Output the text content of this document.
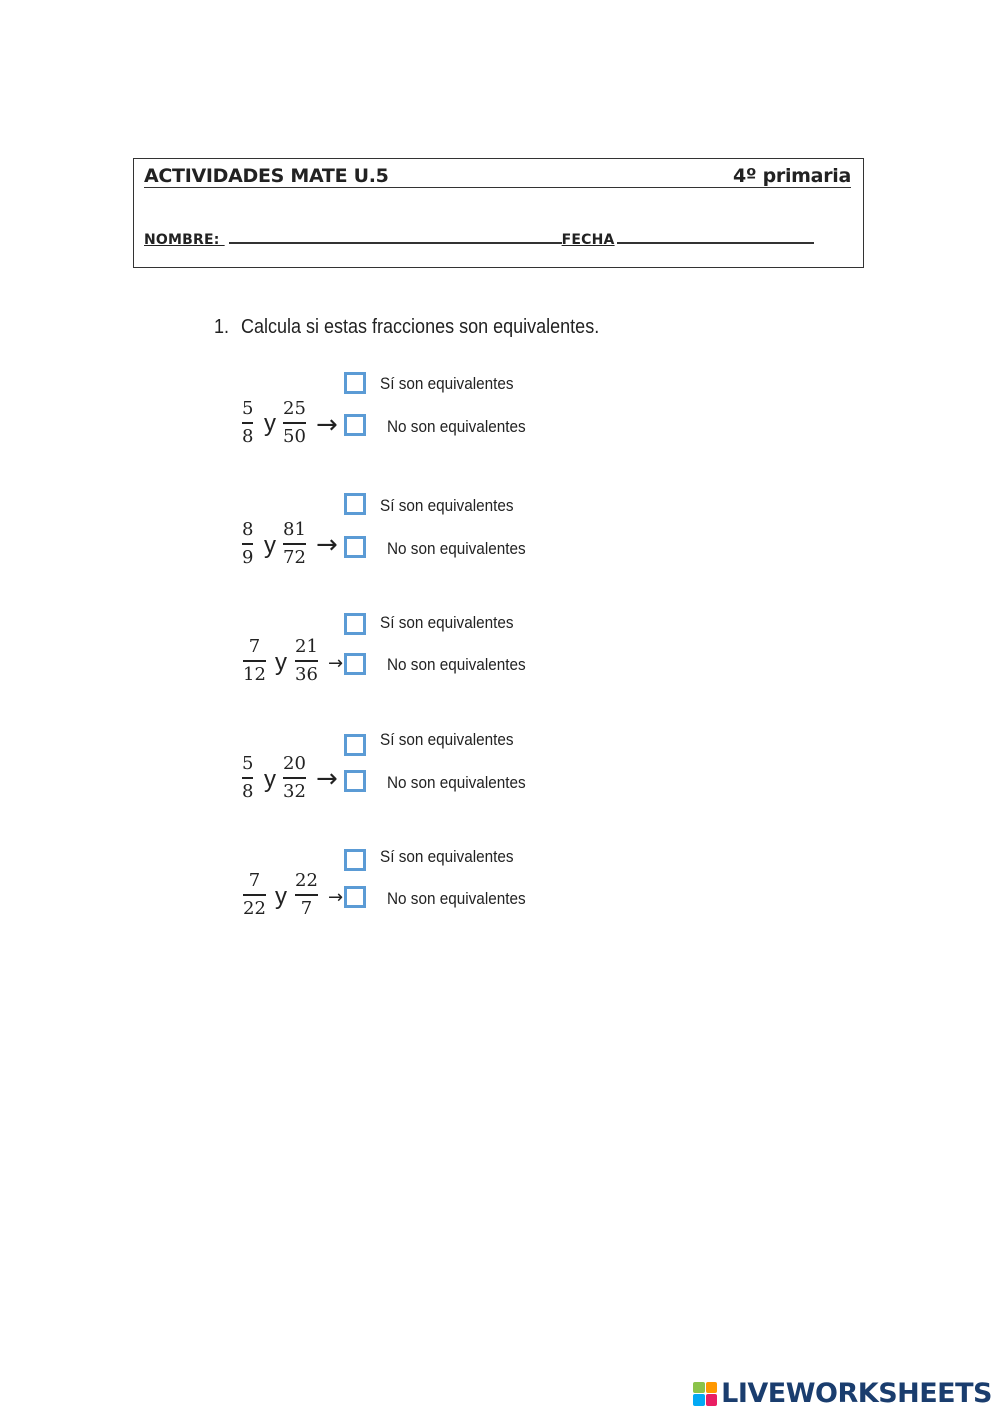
ACTIVIDADES MATE U.5	4º primaria
NOMBRE:	FECHA
1. Calcula si estas fracciones son equivalentes.
5
8 y
25
50 →
Sí son equivalentes
No son equivalentes
8
9 y
81
72 →
Sí son equivalentes
No son equivalentes
7
12 y
21
36
→
Sí son equivalentes
No son equivalentes
5
8 y
20
32 →
Sí son equivalentes
No son equivalentes
7
22 y
22
7
→
Sí son equivalentes
No son equivalentes
LIVEWORKSHEETS
